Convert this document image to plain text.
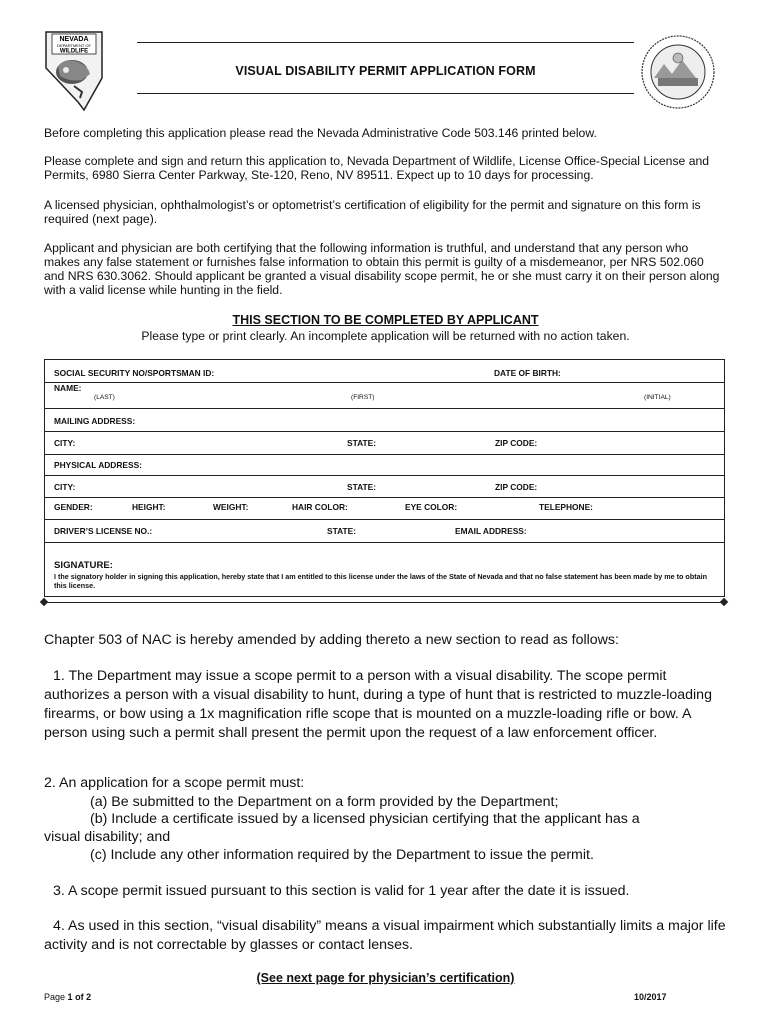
NEVADA
DEPARTMENT OF
WILDLIFE
VISUAL DISABILITY PERMIT APPLICATION FORM
Before completing this application please read the Nevada Administrative Code 503.146 printed below.
Please complete and sign and return this application to, Nevada Department of Wildlife, License Office-Special License and Permits, 6980 Sierra Center Parkway, Ste-120, Reno, NV 89511. Expect up to 10 days for processing.
A licensed physician, ophthalmologist’s or optometrist’s certification of eligibility for the permit and signature on this form is required (next page).
Applicant and physician are both certifying that the following information is truthful, and understand that any person who makes any false statement or furnishes false information to obtain this permit is guilty of a misdemeanor, per NRS 502.060 and NRS 630.3062. Should applicant be granted a visual disability scope permit, he or she must carry it on their person along with a valid license while hunting in the field.
THIS SECTION TO BE COMPLETED BY APPLICANT
Please type or print clearly. An incomplete application will be returned with no action taken.
SOCIAL SECURITY NO/SPORTSMAN ID:	DATE OF BIRTH:
NAME:
(LAST)	(FIRST)	(INITIAL)
MAILING ADDRESS:
CITY:	STATE:	ZIP CODE:
PHYSICAL ADDRESS:
CITY:	STATE:	ZIP CODE:
GENDER:	HEIGHT:	WEIGHT:	HAIR COLOR:	EYE COLOR:	TELEPHONE:
DRIVER’S LICENSE NO.:	STATE:	EMAIL ADDRESS:
SIGNATURE:
I the signatory holder in signing this application, hereby state that I am entitled to this license under the laws of the State of Nevada and that no false statement has been made by me to obtain this license.
Chapter 503 of NAC is hereby amended by adding thereto a new section to read as follows:
1. The Department may issue a scope permit to a person with a visual disability. The scope permit authorizes a person with a visual disability to hunt, during a type of hunt that is restricted to muzzle-loading firearms, or bow using a 1x magnification rifle scope that is mounted on a muzzle-loading rifle or bow. A person using such a permit shall present the permit upon the request of a law enforcement officer.
2. An application for a scope permit must:
(a) Be submitted to the Department on a form provided by the Department;
(b) Include a certificate issued by a licensed physician certifying that the applicant has a
visual disability; and
(c) Include any other information required by the Department to issue the permit.
3. A scope permit issued pursuant to this section is valid for 1 year after the date it is issued.
4. As used in this section, “visual disability” means a visual impairment which substantially limits a major life activity and is not correctable by glasses or contact lenses.
(See next page for physician’s certification)
Page 1 of 2	10/2017
